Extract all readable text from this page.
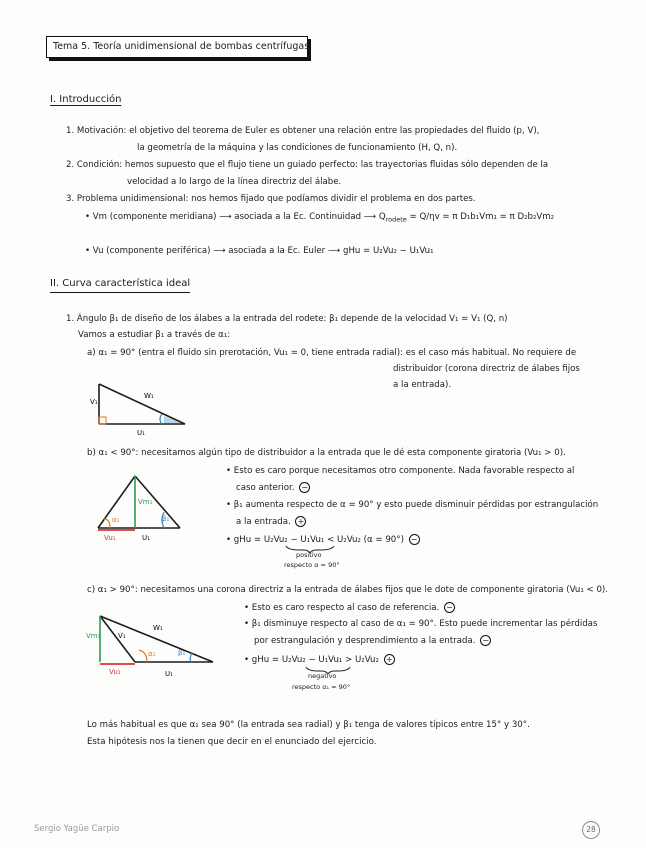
Tema 5. Teoría unidimensional de bombas centrífugas
I. Introducción
1. Motivación: el objetivo del teorema de Euler es obtener una relación entre las propiedades del fluido (p, V),
la geometría de la máquina y las condiciones de funcionamiento (H, Q, n).
2. Condición: hemos supuesto que el flujo tiene un guiado perfecto: las trayectorias fluidas sólo dependen de la
velocidad a lo largo de la línea directriz del álabe.
3. Problema unidimensional: nos hemos fijado que podíamos dividir el problema en dos partes.
• Vm (componente meridiana) ⟶ asociada a la Ec. Continuidad ⟶ $Q_{rodete} = Q/\eta v = \pi$ D₁b₁Vm₁ = π D₂b₂Vm₂
• Vu (componente periférica) ⟶ asociada a la Ec. Euler ⟶ gHu = U₂Vu₂ − U₁Vu₁
II. Curva característica ideal
1. Ángulo β₁ de diseño de los álabes a la entrada del rodete: β₁ depende de la velocidad V₁ = V₁ (Q, n)
Vamos a estudiar β₁ a través de α₁:
a) α₁ = 90° (entra el fluido sin prerotación, Vu₁ = 0, tiene entrada radial): es el caso más habitual. No requiere de
distribuidor (corona directriz de álabes fijos
a la entrada).
b) α₁ < 90°: necesitamos algún tipo de distribuidor a la entrada que le dé esta componente giratoria (Vu₁ > 0).
• Esto es caro porque necesitamos otro componente. Nada favorable respecto al
caso anterior. −
• β₁ aumenta respecto de α = 90° y esto puede disminuir pérdidas por estrangulación
a la entrada. +
• gHu = U₂Vu₂ − U₁Vu₁ < U₂Vu₂ (α = 90°) −
positivo
respecto α = 90°
c) α₁ > 90°: necesitamos una corona directriz a la entrada de álabes fijos que le dote de componente giratoria (Vu₁ < 0).
• Esto es caro respecto al caso de referencia. −
• β₁ disminuye respecto al caso de α₁ = 90°. Esto puede incrementar las pérdidas
por estrangulación y desprendimiento a la entrada. −
• gHu = U₂Vu₂ − U₁Vu₁ > U₂Vu₂ +
negativo
respecto α₁ = 90°
Lo más habitual es que α₁ sea 90° (la entrada sea radial) y β₁ tenga de valores típicos entre 15° y 30°.
Esta hipótesis nos la tienen que decir en el enunciado del ejercicio.
Sergio Yagüe Carpio	28
V₁
W₁
U₁
Vm₁
α₁	β₁
Vu₁	U₁
Vm₁	V₁
W₁
α₁	β₁
Vu₁	U₁
